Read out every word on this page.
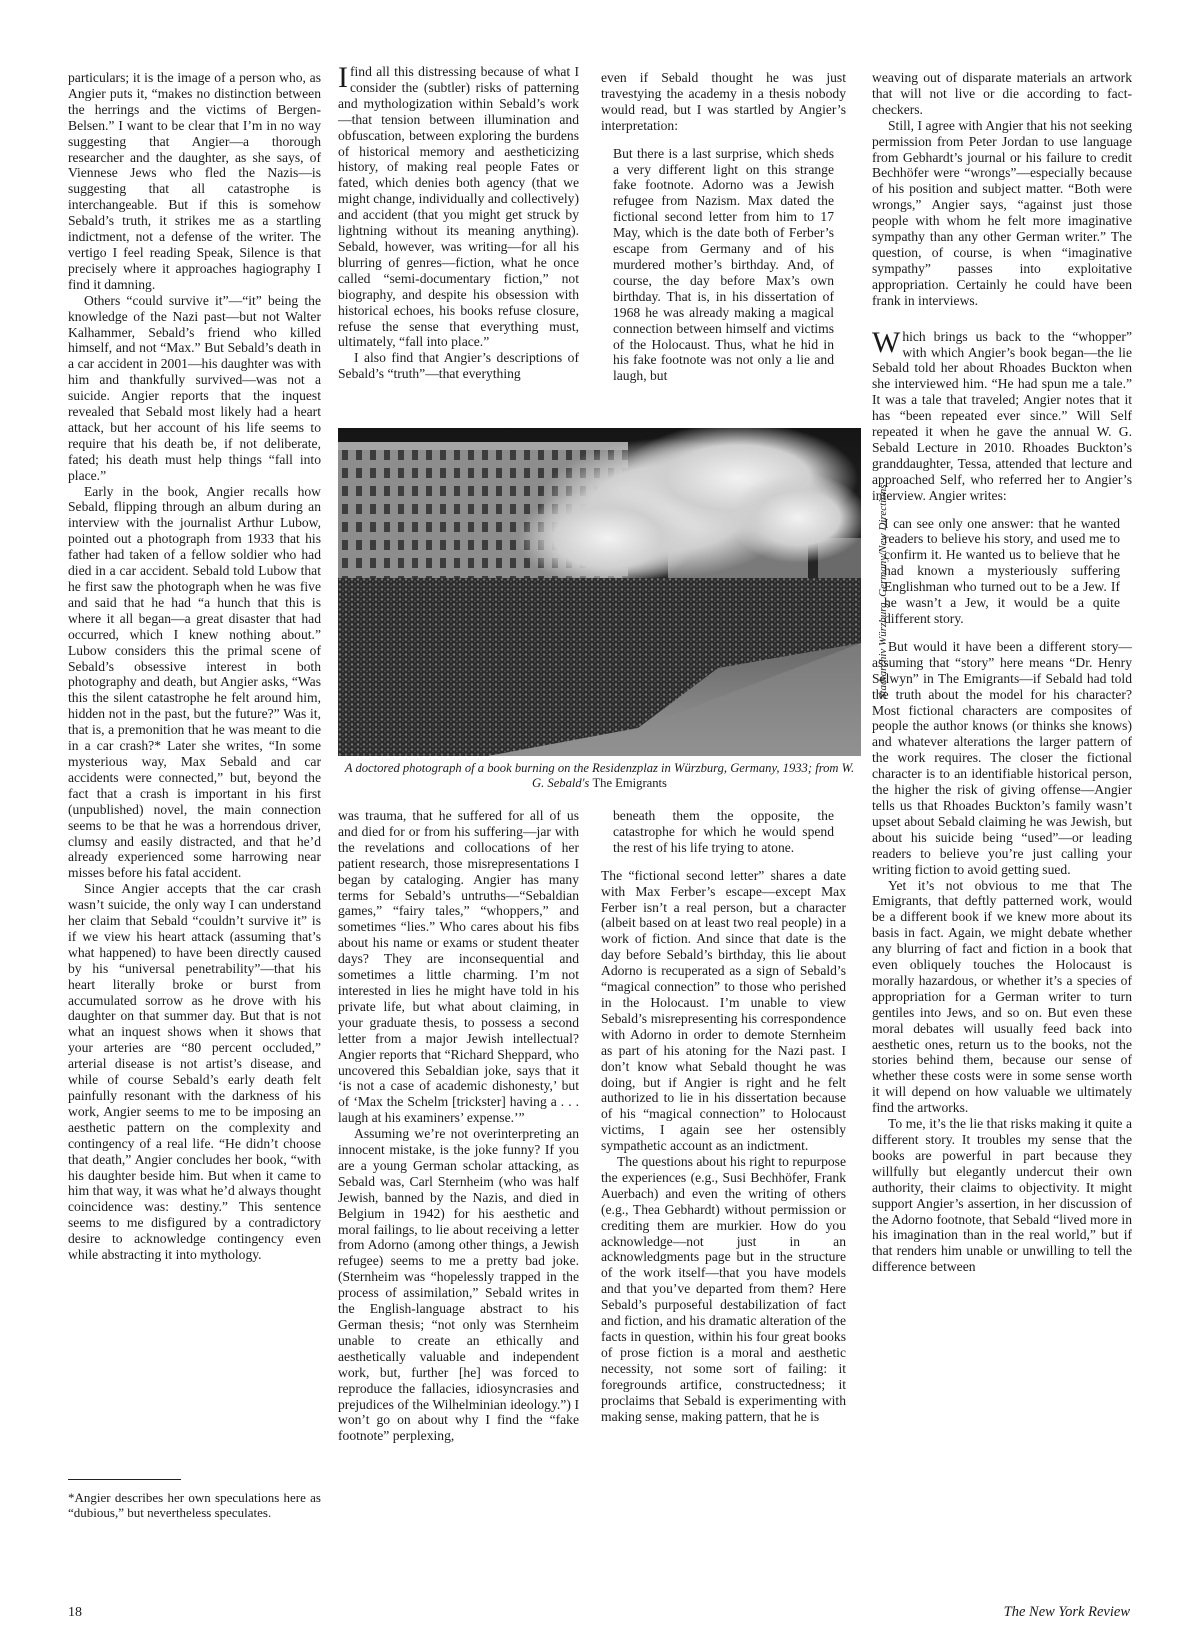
particulars; it is the image of a person who, as Angier puts it, “makes no distinction between the herrings and the victims of Bergen-Belsen.” I want to be clear that I’m in no way suggesting that Angier—a thorough researcher and the daughter, as she says, of Viennese Jews who fled the Nazis—is suggesting that all catastrophe is interchangeable. But if this is somehow Sebald’s truth, it strikes me as a startling indictment, not a defense of the writer. The vertigo I feel reading Speak, Silence is that precisely where it approaches hagiography I find it damning.

Others “could survive it”—“it” being the knowledge of the Nazi past—but not Walter Kalhammer, Sebald’s friend who killed himself, and not “Max.” But Sebald’s death in a car accident in 2001—his daughter was with him and thankfully survived—was not a suicide. Angier reports that the inquest revealed that Sebald most likely had a heart attack, but her account of his life seems to require that his death be, if not deliberate, fated; his death must help things “fall into place.”

Early in the book, Angier recalls how Sebald, flipping through an album during an interview with the journalist Arthur Lubow, pointed out a photograph from 1933 that his father had taken of a fellow soldier who had died in a car accident. Sebald told Lubow that he first saw the photograph when he was five and said that he had “a hunch that this is where it all began—a great disaster that had occurred, which I knew nothing about.” Lubow considers this the primal scene of Sebald’s obsessive interest in both photography and death, but Angier asks, “Was this the silent catastrophe he felt around him, hidden not in the past, but the future?” Was it, that is, a premonition that he was meant to die in a car crash?* Later she writes, “In some mysterious way, Max Sebald and car accidents were connected,” but, beyond the fact that a crash is important in his first (unpublished) novel, the main connection seems to be that he was a horrendous driver, clumsy and easily distracted, and that he’d already experienced some harrowing near misses before his fatal accident.

Since Angier accepts that the car crash wasn’t suicide, the only way I can understand her claim that Sebald “couldn’t survive it” is if we view his heart attack (assuming that’s what happened) to have been directly caused by his “universal penetrability”—that his heart literally broke or burst from accumulated sorrow as he drove with his daughter on that summer day. But that is not what an inquest shows when it shows that your arteries are “80 percent occluded,” arterial disease is not artist’s disease, and while of course Sebald’s early death felt painfully resonant with the darkness of his work, Angier seems to me to be imposing an aesthetic pattern on the complexity and contingency of a real life. “He didn’t choose that death,” Angier concludes her book, “with his daughter beside him. But when it came to him that way, it was what he’d always thought coincidence was: destiny.” This sentence seems to me disfigured by a contradictory desire to acknowledge contingency even while abstracting it into mythology.

*Angier describes her own speculations here as “dubious,” but nevertheless speculates.

Ifind all this distressing because of what I consider the (subtler) risks of patterning and mythologization within Sebald’s work—that tension between illumination and obfuscation, between exploring the burdens of historical memory and aestheticizing history, of making real people Fates or fated, which denies both agency (that we might change, individually and collectively) and accident (that you might get struck by lightning without its meaning anything). Sebald, however, was writing—for all his blurring of genres—fiction, what he once called “semi-documentary fiction,” not biography, and despite his obsession with historical echoes, his books refuse closure, refuse the sense that everything must, ultimately, “fall into place.”

I also find that Angier’s descriptions of Sebald’s “truth”—that everything

even if Sebald thought he was just travestying the academy in a thesis nobody would read, but I was startled by Angier’s interpretation:

But there is a last surprise, which sheds a very different light on this strange fake footnote. Adorno was a Jewish refugee from Nazism. Max dated the fictional second letter from him to 17 May, which is the date both of Ferber’s escape from Germany and of his murdered mother’s birthday. And, of course, the day before Max’s own birthday. That is, in his dissertation of 1968 he was already making a magical connection between himself and victims of the Holocaust. Thus, what he hid in his fake footnote was not only a lie and laugh, but

Stadtarchiv Würzburg, Germany/New Directions
A doctored photograph of a book burning on the Residenzplaz in Würzburg, Germany, 1933; from W. G. Sebald's The Emigrants

was trauma, that he suffered for all of us and died for or from his suffering—jar with the revelations and collocations of her patient research, those misrepresentations I began by cataloging. Angier has many terms for Sebald’s untruths—“Sebaldian games,” “fairy tales,” “whoppers,” and sometimes “lies.” Who cares about his fibs about his name or exams or student theater days? They are inconsequential and sometimes a little charming. I’m not interested in lies he might have told in his private life, but what about claiming, in your graduate thesis, to possess a second letter from a major Jewish intellectual? Angier reports that “Richard Sheppard, who uncovered this Sebaldian joke, says that it ‘is not a case of academic dishonesty,’ but of ‘Max the Schelm [trickster] having a . . . laugh at his examiners’ expense.’”

Assuming we’re not overinterpreting an innocent mistake, is the joke funny? If you are a young German scholar attacking, as Sebald was, Carl Sternheim (who was half Jewish, banned by the Nazis, and died in Belgium in 1942) for his aesthetic and moral failings, to lie about receiving a letter from Adorno (among other things, a Jewish refugee) seems to me a pretty bad joke. (Sternheim was “hopelessly trapped in the process of assimilation,” Sebald writes in the English-language abstract to his German thesis; “not only was Sternheim unable to create an ethically and aesthetically valuable and independent work, but, further [he] was forced to reproduce the fallacies, idiosyncrasies and prejudices of the Wilhelminian ideology.”) I won’t go on about why I find the “fake footnote” perplexing,

beneath them the opposite, the catastrophe for which he would spend the rest of his life trying to atone.

The “fictional second letter” shares a date with Max Ferber’s escape—except Max Ferber isn’t a real person, but a character (albeit based on at least two real people) in a work of fiction. And since that date is the day before Sebald’s birthday, this lie about Adorno is recuperated as a sign of Sebald’s “magical connection” to those who perished in the Holocaust. I’m unable to view Sebald’s misrepresenting his correspondence with Adorno in order to demote Sternheim as part of his atoning for the Nazi past. I don’t know what Sebald thought he was doing, but if Angier is right and he felt authorized to lie in his dissertation because of his “magical connection” to Holocaust victims, I again see her ostensibly sympathetic account as an indictment.

The questions about his right to repurpose the experiences (e.g., Susi Bechhöfer, Frank Auerbach) and even the writing of others (e.g., Thea Gebhardt) without permission or crediting them are murkier. How do you acknowledge—not just in an acknowledgments page but in the structure of the work itself—that you have models and that you’ve departed from them? Here Sebald’s purposeful destabilization of fact and fiction, and his dramatic alteration of the facts in question, within his four great books of prose fiction is a moral and aesthetic necessity, not some sort of failing: it foregrounds artifice, constructedness; it proclaims that Sebald is experimenting with making sense, making pattern, that he is

weaving out of disparate materials an artwork that will not live or die according to fact-checkers.

Still, I agree with Angier that his not seeking permission from Peter Jordan to use language from Gebhardt’s journal or his failure to credit Bechhöfer were “wrongs”—especially because of his position and subject matter. “Both were wrongs,” Angier says, “against just those people with whom he felt more imaginative sympathy than any other German writer.” The question, of course, is when “imaginative sympathy” passes into exploitative appropriation. Certainly he could have been frank in interviews.

Which brings us back to the “whopper” with which Angier’s book began—the lie Sebald told her about Rhoades Buckton when she interviewed him. “He had spun me a tale.” It was a tale that traveled; Angier notes that it has “been repeated ever since.” Will Self repeated it when he gave the annual W. G. Sebald Lecture in 2010. Rhoades Buckton’s granddaughter, Tessa, attended that lecture and approached Self, who referred her to Angier’s interview. Angier writes:

I can see only one answer: that he wanted readers to believe his story, and used me to confirm it. He wanted us to believe that he had known a mysteriously suffering Englishman who turned out to be a Jew. If he wasn’t a Jew, it would be a quite different story.

But would it have been a different story—assuming that “story” here means “Dr. Henry Selwyn” in The Emigrants—if Sebald had told the truth about the model for his character? Most fictional characters are composites of people the author knows (or thinks she knows) and whatever alterations the larger pattern of the work requires. The closer the fictional character is to an identifiable historical person, the higher the risk of giving offense—Angier tells us that Rhoades Buckton’s family wasn’t upset about Sebald claiming he was Jewish, but about his suicide being “used”—or leading readers to believe you’re just calling your writing fiction to avoid getting sued.

Yet it’s not obvious to me that The Emigrants, that deftly patterned work, would be a different book if we knew more about its basis in fact. Again, we might debate whether any blurring of fact and fiction in a book that even obliquely touches the Holocaust is morally hazardous, or whether it’s a species of appropriation for a German writer to turn gentiles into Jews, and so on. But even these moral debates will usually feed back into aesthetic ones, return us to the books, not the stories behind them, because our sense of whether these costs were in some sense worth it will depend on how valuable we ultimately find the artworks.

To me, it’s the lie that risks making it quite a different story. It troubles my sense that the books are powerful in part because they willfully but elegantly undercut their own authority, their claims to objectivity. It might support Angier’s assertion, in her discussion of the Adorno footnote, that Sebald “lived more in his imagination than in the real world,” but if that renders him unable or unwilling to tell the difference between

18	The New York Review
